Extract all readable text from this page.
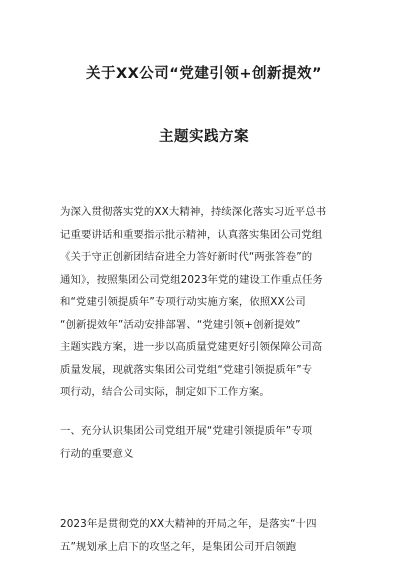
关于XX公司“党建引领+创新提效”
主题实践方案
为深入贯彻落实党的XX大精神，持续深化落实习近平总书
记重要讲话和重要指示批示精神，认真落实集团公司党组
《关于守正创新团结奋进全力答好新时代“两张答卷”的
通知》，按照集团公司党组2023年党的建设工作重点任务
和“党建引领提质年”专项行动实施方案，依照XX公司
“创新提效年”活动安排部署、“党建引领+创新提效”
主题实践方案，进一步以高质量党建更好引领保障公司高
质量发展，现就落实集团公司党组“党建引领提质年”专
项行动，结合公司实际，制定如下工作方案。
一、充分认识集团公司党组开展“党建引领提质年”专项
行动的重要意义
2023年是贯彻党的XX大精神的开局之年，是落实“十四
五”规划承上启下的攻坚之年，是集团公司开启领跑
